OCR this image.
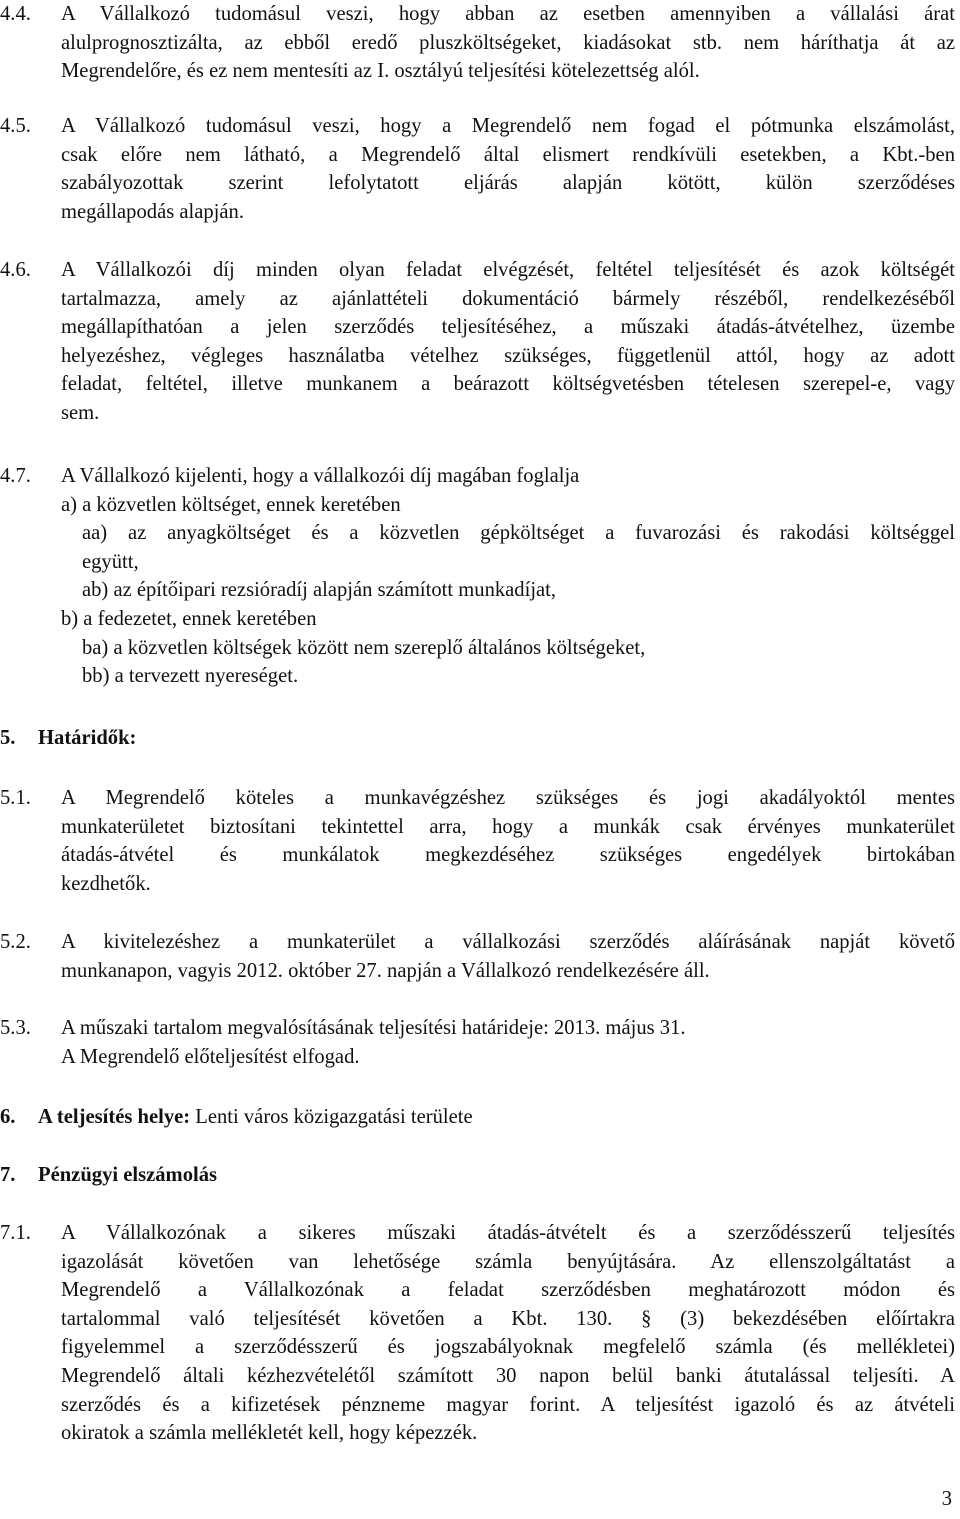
4.4.	A Vállalkozó tudomásul veszi, hogy abban az esetben amennyiben a vállalási árat
alulprognosztizálta, az ebből eredő pluszköltségeket, kiadásokat stb. nem háríthatja át az
Megrendelőre, és ez nem mentesíti az I. osztályú teljesítési kötelezettség alól.
4.5.	A Vállalkozó tudomásul veszi, hogy a Megrendelő nem fogad el pótmunka elszámolást,
csak előre nem látható, a Megrendelő által elismert rendkívüli esetekben, a Kbt.-ben
szabályozottak szerint lefolytatott eljárás alapján kötött, külön szerződéses
megállapodás alapján.
4.6.	A Vállalkozói díj minden olyan feladat elvégzését, feltétel teljesítését és azok költségét
tartalmazza, amely az ajánlattételi dokumentáció bármely részéből, rendelkezéséből
megállapíthatóan a jelen szerződés teljesítéséhez, a műszaki átadás-átvételhez, üzembe
helyezéshez, végleges használatba vételhez szükséges, függetlenül attól, hogy az adott
feladat, feltétel, illetve munkanem a beárazott költségvetésben tételesen szerepel-e, vagy
sem.
4.7.	A Vállalkozó kijelenti, hogy a vállalkozói díj magában foglalja
a) a közvetlen költséget, ennek keretében
aa) az anyagköltséget és a közvetlen gépköltséget a fuvarozási és rakodási költséggel
együtt,
ab) az építőipari rezsióradíj alapján számított munkadíjat,
b) a fedezetet, ennek keretében
ba) a közvetlen költségek között nem szereplő általános költségeket,
bb) a tervezett nyereséget.
5. Határidők:
5.1.	A Megrendelő köteles a munkavégzéshez szükséges és jogi akadályoktól mentes
munkaterületet biztosítani tekintettel arra, hogy a munkák csak érvényes munkaterület
átadás-átvétel és munkálatok megkezdéséhez szükséges engedélyek birtokában
kezdhetők.
5.2.	A kivitelezéshez a munkaterület a vállalkozási szerződés aláírásának napját követő
munkanapon, vagyis 2012. október 27. napján a Vállalkozó rendelkezésére áll.
5.3.	A műszaki tartalom megvalósításának teljesítési határideje: 2013. május 31.
A Megrendelő előteljesítést elfogad.
6. A teljesítés helye: Lenti város közigazgatási területe
7. Pénzügyi elszámolás
7.1.	A Vállalkozónak a sikeres műszaki átadás-átvételt és a szerződésszerű teljesítés
igazolását követően van lehetősége számla benyújtására. Az ellenszolgáltatást a
Megrendelő a Vállalkozónak a feladat szerződésben meghatározott módon és
tartalommal való teljesítését követően a Kbt. 130. § (3) bekezdésében előírtakra
figyelemmel a szerződésszerű és jogszabályoknak megfelelő számla (és mellékletei)
Megrendelő általi kézhezvételétől számított 30 napon belül banki átutalással teljesíti. A
szerződés és a kifizetések pénzneme magyar forint. A teljesítést igazoló és az átvételi
okiratok a számla mellékletét kell, hogy képezzék.
3
